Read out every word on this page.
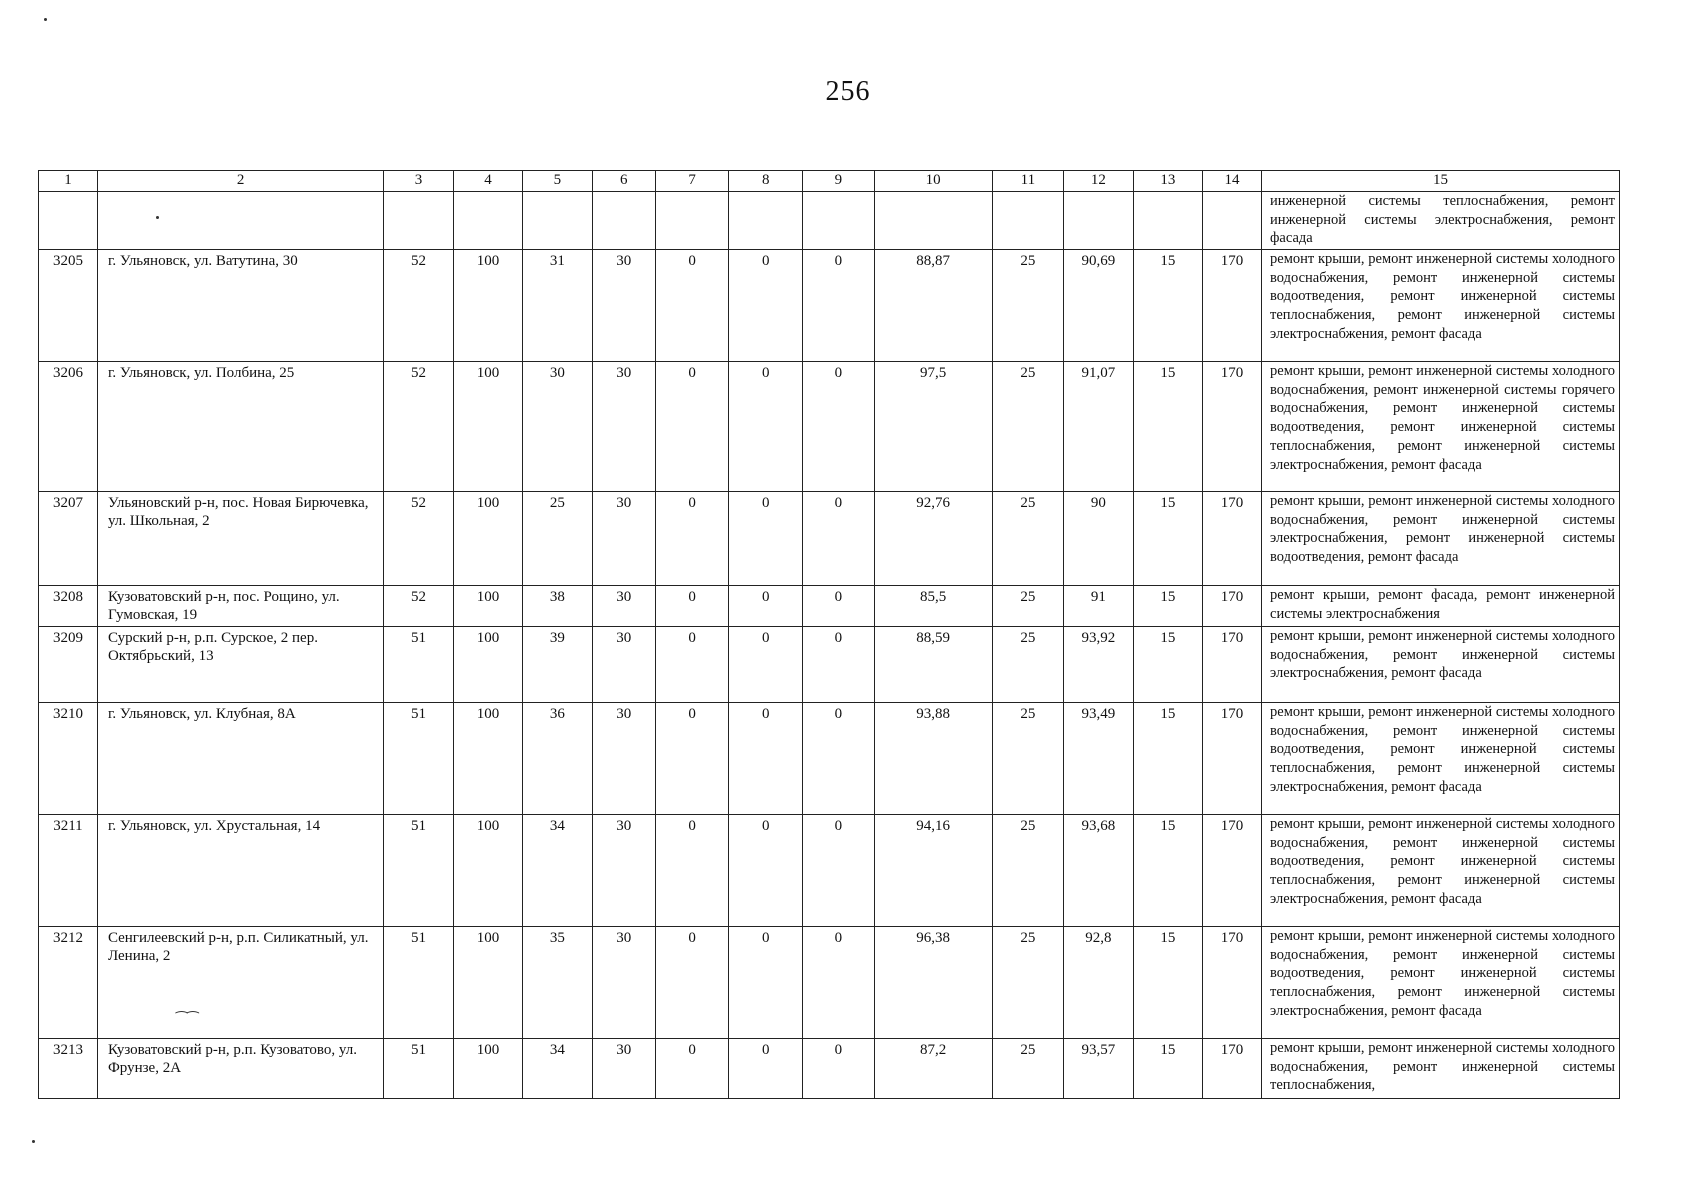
256
1	2	3	4	5	6	7	8	9	10	11	12	13	14	15
														инженерной системы теплоснабжения, ремонт инженерной системы электроснабжения, ремонт фасада
3205	г. Ульяновск, ул. Ватутина, 30	52	100	31	30	0	0	0	88,87	25	90,69	15	170	ремонт крыши, ремонт инженерной системы холодного водоснабжения, ремонт инженерной системы водоотведения, ремонт инженерной системы теплоснабжения, ремонт инженерной системы электроснабжения, ремонт фасада
3206	г. Ульяновск, ул. Полбина, 25	52	100	30	30	0	0	0	97,5	25	91,07	15	170	ремонт крыши, ремонт инженерной системы холодного водоснабжения, ремонт инженерной системы горячего водоснабжения, ремонт инженерной системы водоотведения, ремонт инженерной системы теплоснабжения, ремонт инженерной системы электроснабжения, ремонт фасада
3207	Ульяновский р-н, пос. Новая Бирючевка, ул. Школьная, 2	52	100	25	30	0	0	0	92,76	25	90	15	170	ремонт крыши, ремонт инженерной системы холодного водоснабжения, ремонт инженерной системы электроснабжения, ремонт инженерной системы водоотведения, ремонт фасада
3208	Кузоватовский р-н, пос. Рощино, ул. Гумовская, 19	52	100	38	30	0	0	0	85,5	25	91	15	170	ремонт крыши, ремонт фасада, ремонт инженерной системы электроснабжения
3209	Сурский р-н, р.п. Сурское, 2 пер. Октябрьский, 13	51	100	39	30	0	0	0	88,59	25	93,92	15	170	ремонт крыши, ремонт инженерной системы холодного водоснабжения, ремонт инженерной системы электроснабжения, ремонт фасада
3210	г. Ульяновск, ул. Клубная, 8А	51	100	36	30	0	0	0	93,88	25	93,49	15	170	ремонт крыши, ремонт инженерной системы холодного водоснабжения, ремонт инженерной системы водоотведения, ремонт инженерной системы теплоснабжения, ремонт инженерной системы электроснабжения, ремонт фасада
3211	г. Ульяновск, ул. Хрустальная, 14	51	100	34	30	0	0	0	94,16	25	93,68	15	170	ремонт крыши, ремонт инженерной системы холодного водоснабжения, ремонт инженерной системы водоотведения, ремонт инженерной системы теплоснабжения, ремонт инженерной системы электроснабжения, ремонт фасада
3212	Сенгилеевский р-н, р.п. Силикатный, ул. Ленина, 2	51	100	35	30	0	0	0	96,38	25	92,8	15	170	ремонт крыши, ремонт инженерной системы холодного водоснабжения, ремонт инженерной системы водоотведения, ремонт инженерной системы теплоснабжения, ремонт инженерной системы электроснабжения, ремонт фасада
3213	Кузоватовский р-н, р.п. Кузоватово, ул. Фрунзе, 2А	51	100	34	30	0	0	0	87,2	25	93,57	15	170	ремонт крыши, ремонт инженерной системы холодного водоснабжения, ремонт инженерной системы теплоснабжения,
⁀⁀
